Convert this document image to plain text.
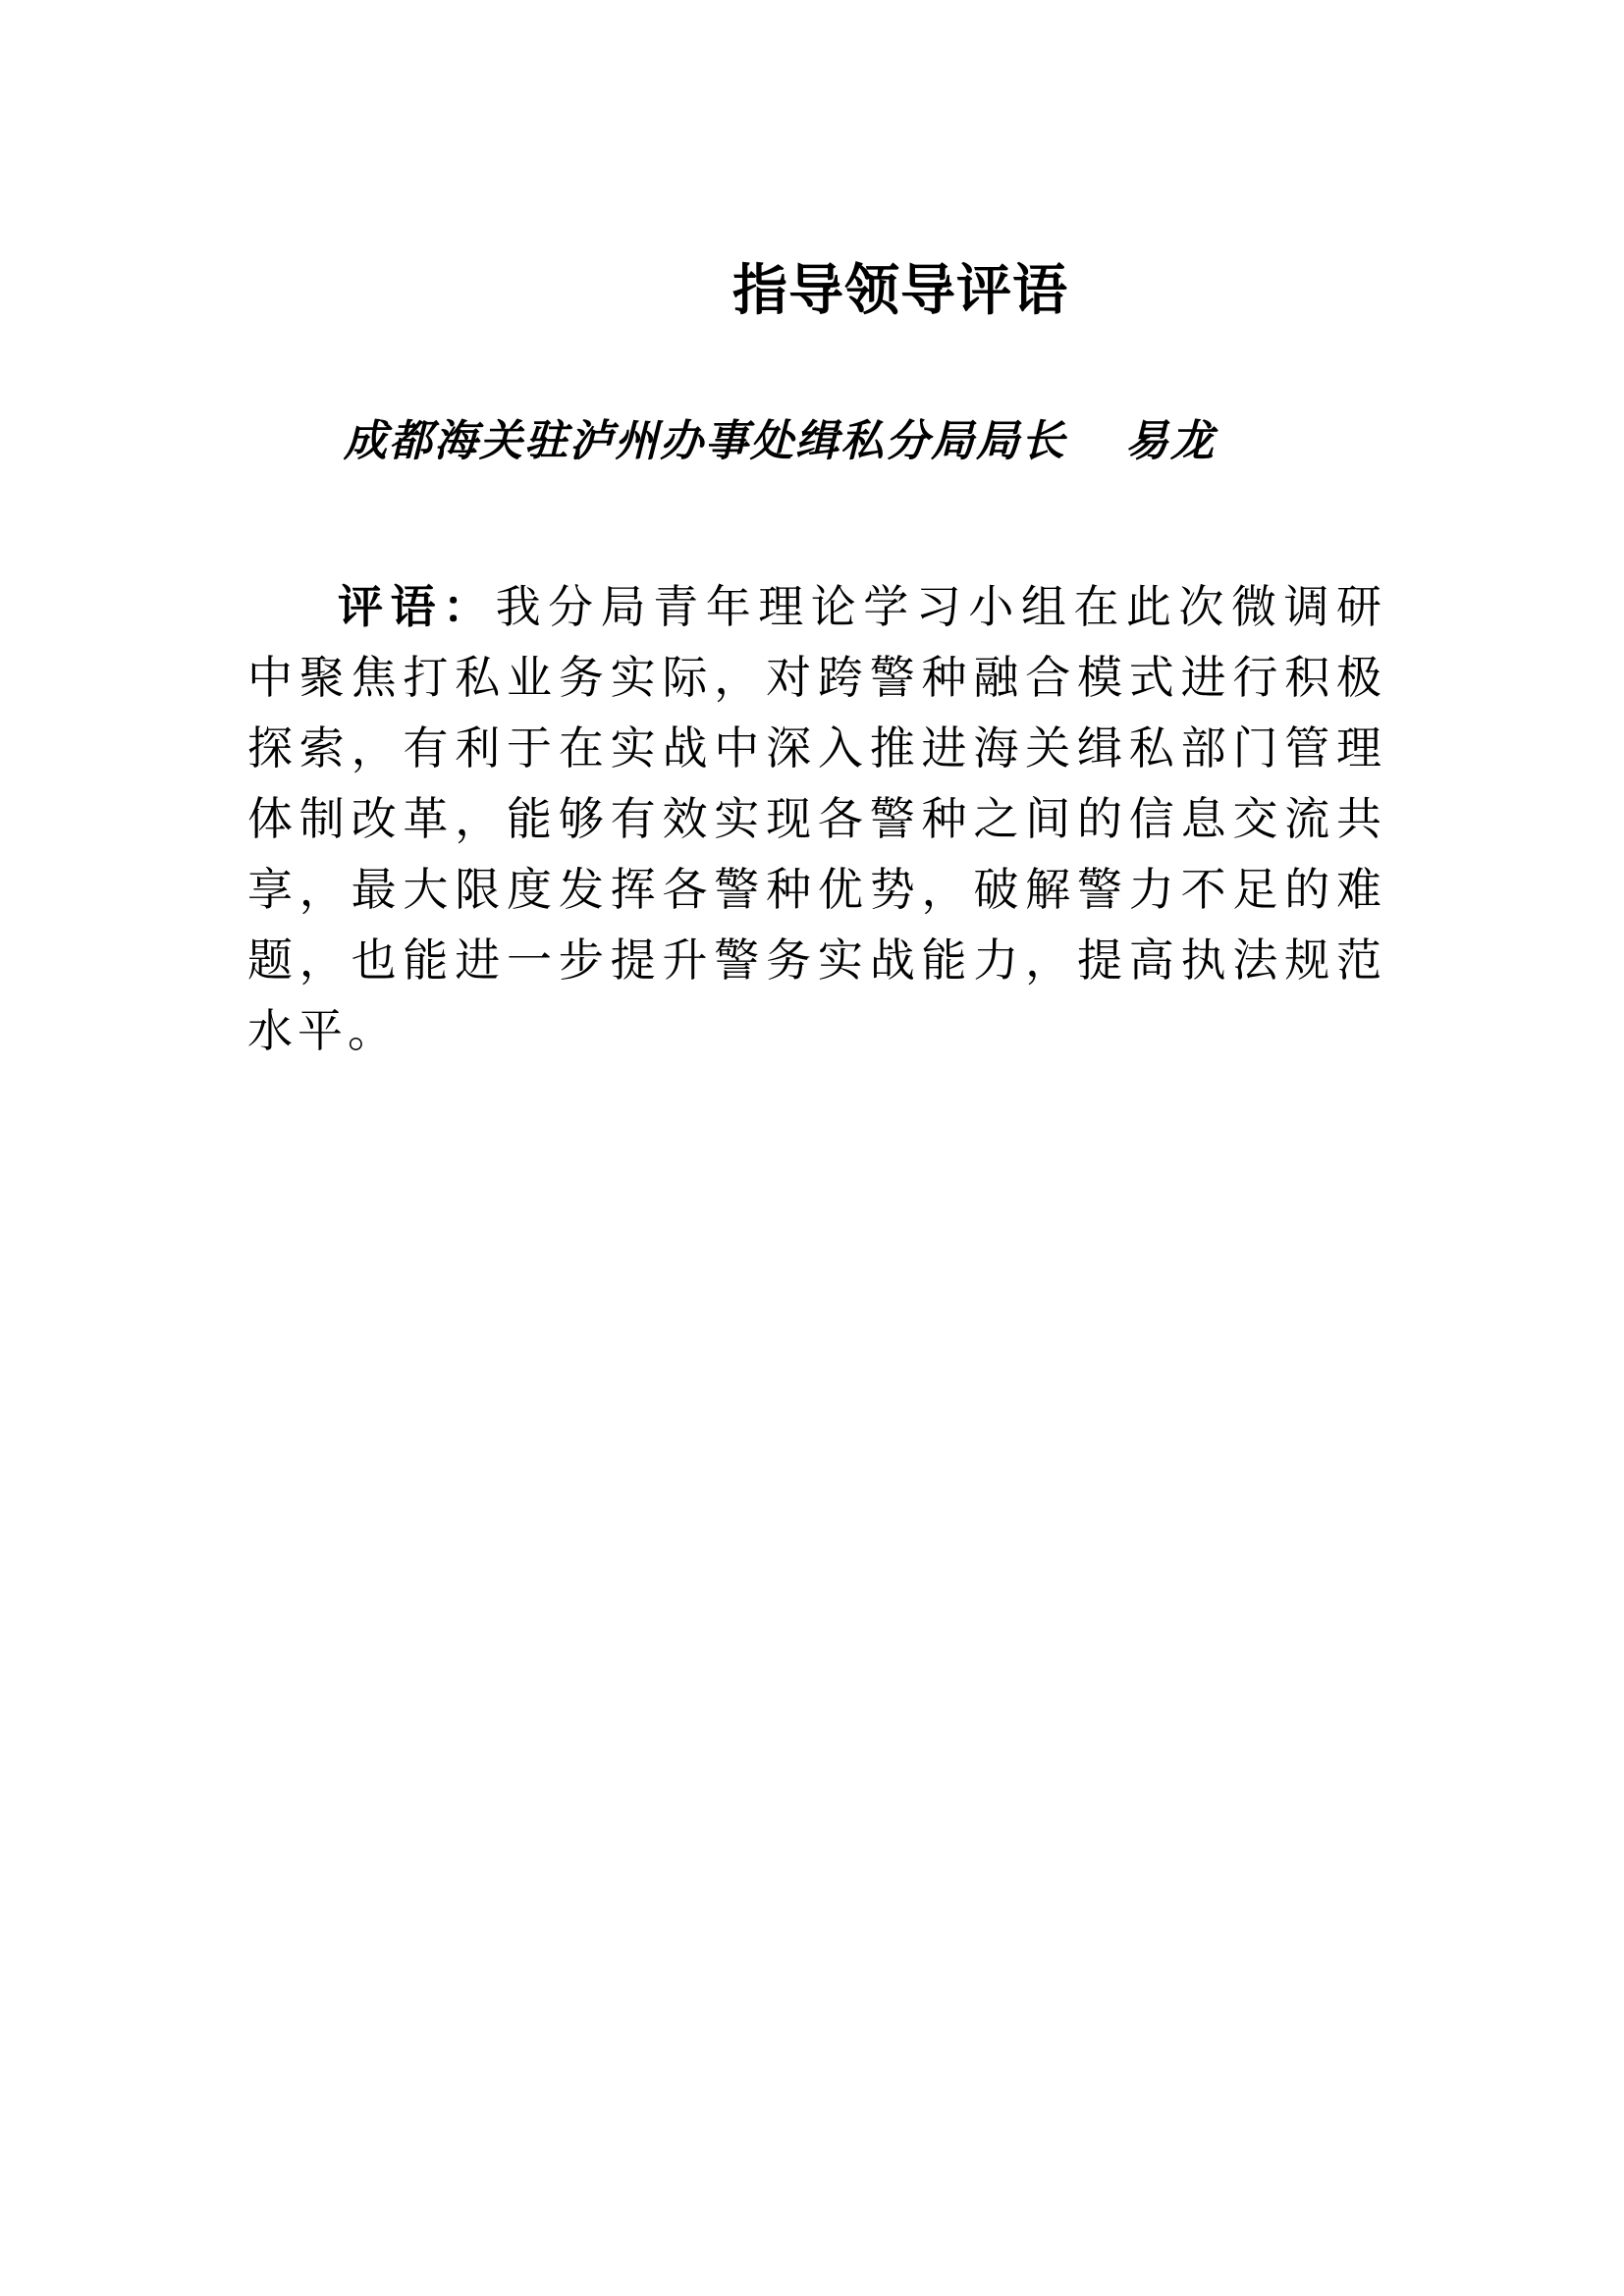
指导领导评语
成都海关驻泸州办事处缉私分局局长 易龙
评语：我分局青年理论学习小组在此次微调研中聚焦打私业务实际，对跨警种融合模式进行积极探索，有利于在实战中深入推进海关缉私部门管理体制改革，能够有效实现各警种之间的信息交流共享，最大限度发挥各警种优势，破解警力不足的难题，也能进一步提升警务实战能力，提高执法规范水平。
